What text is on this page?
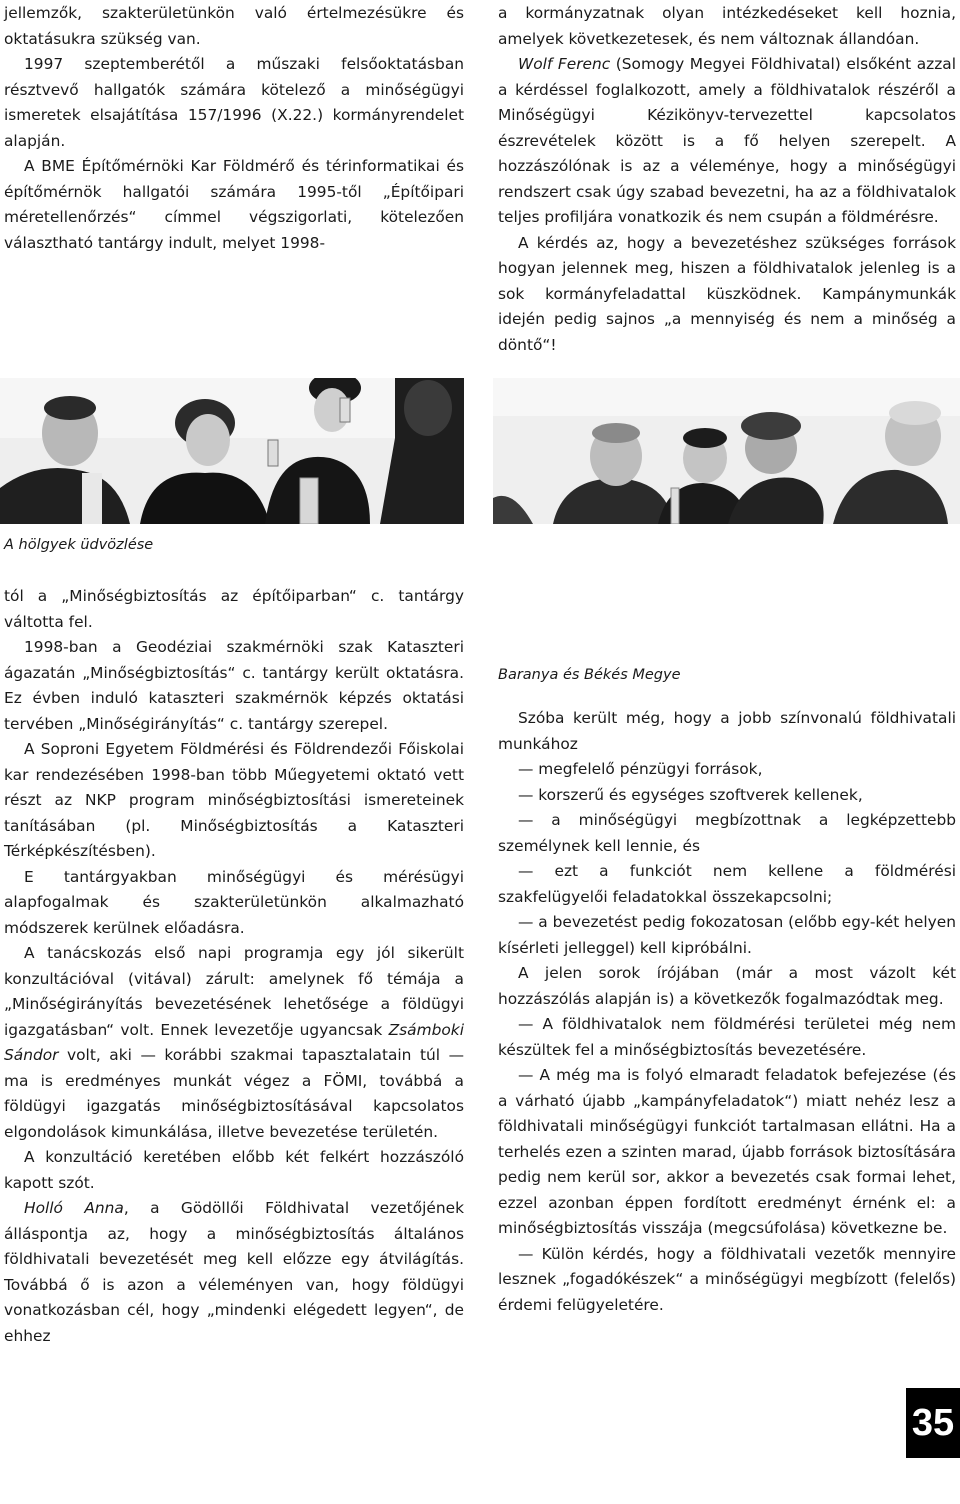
jellemzők, szakterületünkön való értelmezésükre és oktatásukra szükség van.

1997 szeptemberétől a műszaki felsőoktatásban résztvevő hallgatók számára kötelező a minőségügyi ismeretek elsajátítása 157/1996 (X.22.) kormányrendelet alapján.

A BME Építőmérnöki Kar Földmérő és térinformatikai és építőmérnök hallgatói számára 1995-től „Építőipari méretellenőrzés“ címmel végszigorlati, kötelezően választható tantárgy indult, melyet 1998-

a kormányzatnak olyan intézkedéseket kell hoznia, amelyek következetesek, és nem változnak állandóan.

Wolf Ferenc (Somogy Megyei Földhivatal) elsőként azzal a kérdéssel foglalkozott, amely a földhivatalok részéről a Minőségügyi Kézikönyv-tervezettel kapcsolatos észrevételek között is a fő helyen szerepelt. A hozzászólónak is az a véleménye, hogy a minőségügyi rendszert csak úgy szabad bevezetni, ha az a földhivatalok teljes profiljára vonatkozik és nem csupán a földmérésre.

A kérdés az, hogy a bevezetéshez szükséges források hogyan jelennek meg, hiszen a földhivatalok jelenleg is a sok kormányfeladattal küszködnek. Kampánymunkák idején pedig sajnos „a mennyiség és nem a minőség a döntő“!

A hölgyek üdvözlése
Baranya és Békés Megye

tól a „Minőségbiztosítás az építőiparban“ c. tantárgy váltotta fel.

1998-ban a Geodéziai szakmérnöki szak Kataszteri ágazatán „Minőségbiztosítás“ c. tantárgy került oktatásra. Ez évben induló kataszteri szakmérnök képzés oktatási tervében „Minőségirányítás“ c. tantárgy szerepel.

A Soproni Egyetem Földmérési és Földrendezői Főiskolai kar rendezésében 1998-ban több Műegyetemi oktató vett részt az NKP program minőségbiztosítási ismereteinek tanításában (pl. Minőségbiztosítás a Kataszteri Térképkészítésben).

E tantárgyakban minőségügyi és mérésügyi alapfogalmak és szakterületünkön alkalmazható módszerek kerülnek előadásra.

A tanácskozás első napi programja egy jól sikerült konzultációval (vitával) zárult: amelynek fő témája a „Minőségirányítás bevezetésének lehetősége a földügyi igazgatásban“ volt. Ennek levezetője ugyancsak Zsámboki Sándor volt, aki — korábbi szakmai tapasztalatain túl — ma is eredményes munkát végez a FÖMI, továbbá a földügyi igazgatás minőségbiztosításával kapcsolatos elgondolások kimunkálása, illetve bevezetése területén.

A konzultáció keretében előbb két felkért hozzászóló kapott szót.

Holló Anna, a Gödöllői Földhivatal vezetőjének álláspontja az, hogy a minőségbiztosítás általános földhivatali bevezetését meg kell előzze egy átvilágítás. Továbbá ő is azon a véleményen van, hogy földügyi vonatkozásban cél, hogy „mindenki elégedett legyen“, de ehhez

Szóba került még, hogy a jobb színvonalú földhivatali munkához

— megfelelő pénzügyi források,

— korszerű és egységes szoftverek kellenek,

— a minőségügyi megbízottnak a legképzettebb személynek kell lennie, és

— ezt a funkciót nem kellene a földmérési szakfelügyelői feladatokkal összekapcsolni;

— a bevezetést pedig fokozatosan (előbb egy-két helyen kísérleti jelleggel) kell kipróbálni.

A jelen sorok írójában (már a most vázolt két hozzászólás alapján is) a következők fogalmazódtak meg.

— A földhivatalok nem földmérési területei még nem készültek fel a minőségbiztosítás bevezetésére.

— A még ma is folyó elmaradt feladatok befejezése (és a várható újabb „kampányfeladatok“) miatt nehéz lesz a földhivatali minőségügyi funkciót tartalmasan ellátni. Ha a terhelés ezen a szinten marad, újabb források biztosítására pedig nem kerül sor, akkor a bevezetés csak formai lehet, ezzel azonban éppen fordított eredményt érnénk el: a minőségbiztosítás visszája (megcsúfolása) következne be.

— Külön kérdés, hogy a földhivatali vezetők mennyire lesznek „fogadókészek“ a minőségügyi megbízott (felelős) érdemi felügyeletére.

35
